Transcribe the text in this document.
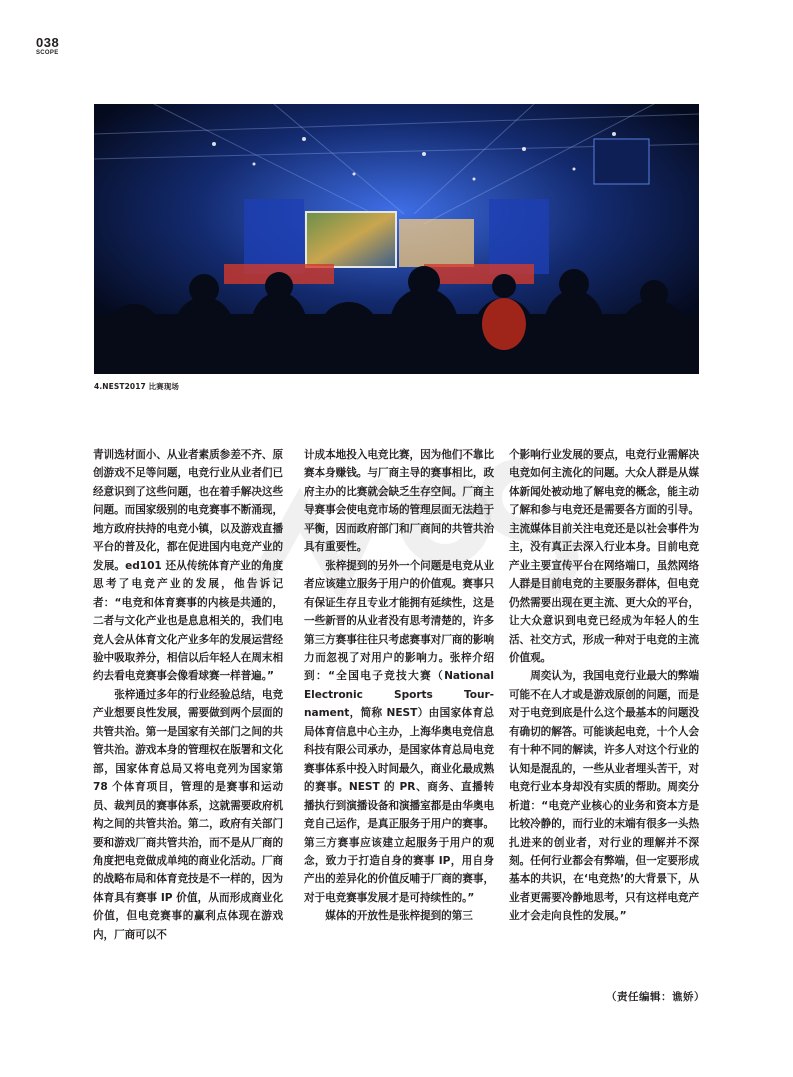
038
SCOPE
4.NEST2017 比赛现场

青训选材面小、从业者素质参差不齐、原创游戏不足等问题，电竞行业从业者们已经意识到了这些问题，也在着手解决这些问题。而国家级别的电竞赛事不断涌现，地方政府扶持的电竞小镇，以及游戏直播平台的普及化，都在促进国内电竞产业的发展。ed101 还从传统体育产业的角度思考了电竞产业的发展，他告诉记者：“电竞和体育赛事的内核是共通的，二者与文化产业也是息息相关的，我们电竞人会从体育文化产业多年的发展运营经验中吸取养分，相信以后年轻人在周末相约去看电竞赛事会像看球赛一样普遍。”

张梓通过多年的行业经验总结，电竞产业想要良性发展，需要做到两个层面的共管共治。第一是国家有关部门之间的共管共治。游戏本身的管理权在版署和文化部，国家体育总局又将电竞列为国家第 78 个体育项目，管理的是赛事和运动员、裁判员的赛事体系，这就需要政府机构之间的共管共治。第二，政府有关部门要和游戏厂商共管共治，而不是从厂商的角度把电竞做成单纯的商业化活动。厂商的战略布局和体育竞技是不一样的，因为体育具有赛事 IP 价值，从而形成商业化价值，但电竞赛事的赢利点体现在游戏内，厂商可以不

计成本地投入电竞比赛，因为他们不靠比赛本身赚钱。与厂商主导的赛事相比，政府主办的比赛就会缺乏生存空间。厂商主导赛事会使电竞市场的管理层面无法趋于平衡，因而政府部门和厂商间的共管共治具有重要性。

张梓提到的另外一个问题是电竞从业者应该建立服务于用户的价值观。赛事只有保证生存且专业才能拥有延续性，这是一些新晋的从业者没有思考清楚的，许多第三方赛事往往只考虑赛事对厂商的影响力而忽视了对用户的影响力。张梓介绍到：“全国电子竞技大赛（National Electronic Sports Tour-nament，简称 NEST）由国家体育总局体育信息中心主办，上海华奥电竞信息科技有限公司承办，是国家体育总局电竞赛事体系中投入时间最久，商业化最成熟的赛事。NEST 的 PR、商务、直播转播执行到演播设备和演播室都是由华奥电竞自己运作，是真正服务于用户的赛事。第三方赛事应该建立起服务于用户的观念，致力于打造自身的赛事 IP，用自身产出的差异化的价值反哺于厂商的赛事，对于电竞赛事发展才是可持续性的。”

媒体的开放性是张梓提到的第三

个影响行业发展的要点，电竞行业需解决电竞如何主流化的问题。大众人群是从媒体新闻处被动地了解电竞的概念，能主动了解和参与电竞还是需要各方面的引导。主流媒体目前关注电竞还是以社会事件为主，没有真正去深入行业本身。目前电竞产业主要宣传平台在网络端口，虽然网络人群是目前电竞的主要服务群体，但电竞仍然需要出现在更主流、更大众的平台，让大众意识到电竞已经成为年轻人的生活、社交方式，形成一种对于电竞的主流价值观。

周奕认为，我国电竞行业最大的弊端可能不在人才或是游戏原创的问题，而是对于电竞到底是什么这个最基本的问题没有确切的解答。可能谈起电竞，十个人会有十种不同的解读，许多人对这个行业的认知是混乱的，一些从业者埋头苦干，对电竞行业本身却没有实质的帮助。周奕分析道：“电竞产业核心的业务和资本方是比较冷静的，而行业的末端有很多一头热扎进来的创业者，对行业的理解并不深刻。任何行业都会有弊端，但一定要形成基本的共识，在‘电竞热’的大背景下，从业者更需要冷静地思考，只有这样电竞产业才会走向良性的发展。”

（责任编辑：谯娇）
